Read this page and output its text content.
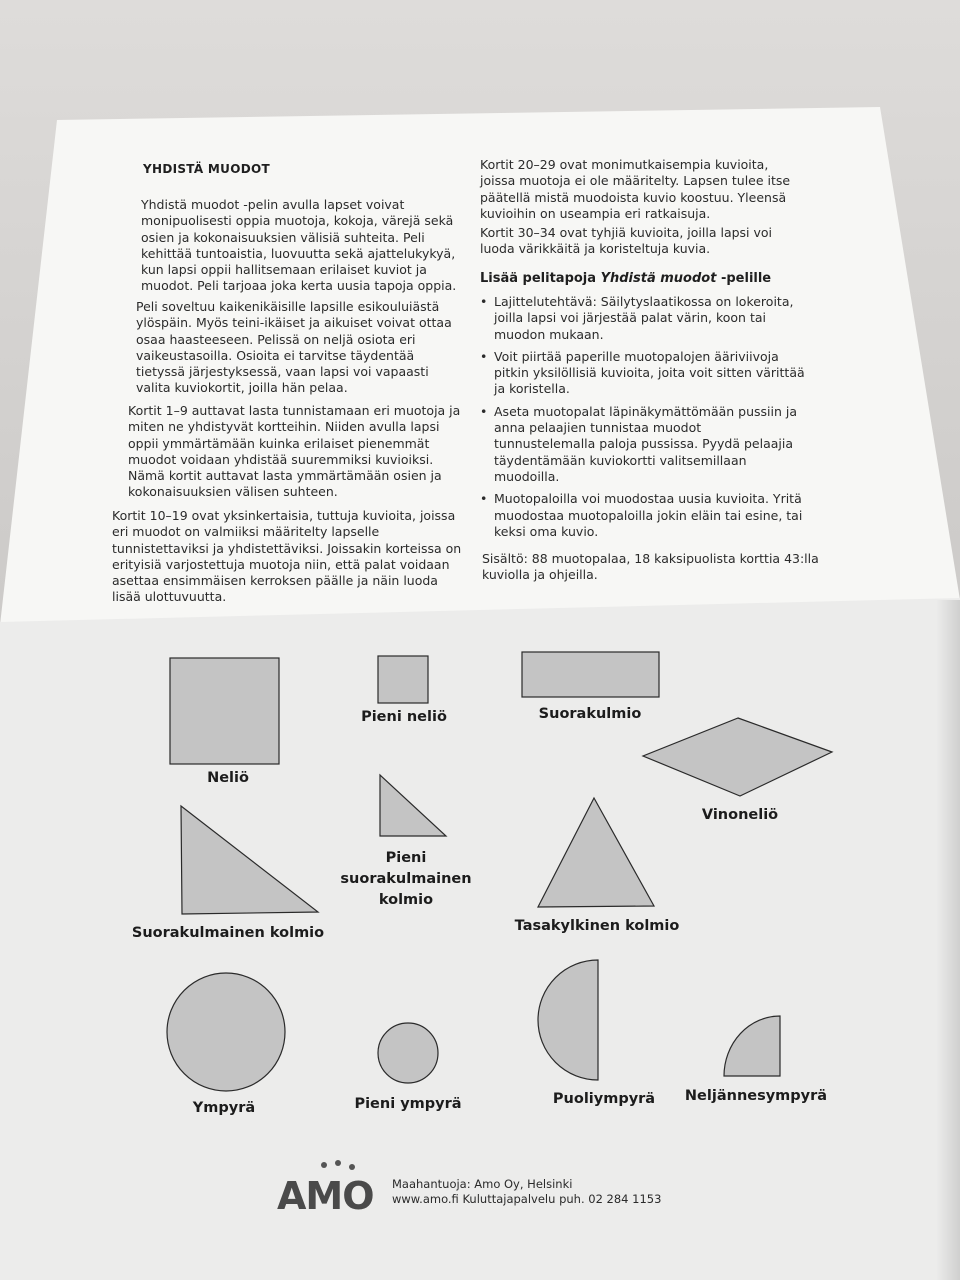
YHDISTÄ MUODOT

Yhdistä muodot -pelin avulla lapset voivat monipuolisesti oppia muotoja, kokoja, värejä sekä osien ja kokonaisuuksien välisiä suhteita. Peli kehittää tuntoaistia, luovuutta sekä ajattelukykyä, kun lapsi oppii hallitsemaan erilaiset kuviot ja muodot. Peli tarjoaa joka kerta uusia tapoja oppia.

Peli soveltuu kaikenikäisille lapsille esikouluiästä ylöspäin. Myös teini-ikäiset ja aikuiset voivat ottaa osaa haasteeseen. Pelissä on neljä osiota eri vaikeustasoilla. Osioita ei tarvitse täydentää tietyssä järjestyksessä, vaan lapsi voi vapaasti valita kuviokortit, joilla hän pelaa.

Kortit 1–9 auttavat lasta tunnistamaan eri muotoja ja miten ne yhdistyvät kortteihin. Niiden avulla lapsi oppii ymmärtämään kuinka erilaiset pienemmät muodot voidaan yhdistää suuremmiksi kuvioiksi. Nämä kortit auttavat lasta ymmärtämään osien ja kokonaisuuksien välisen suhteen.

Kortit 10–19 ovat yksinkertaisia, tuttuja kuvioita, joissa eri muodot on valmiiksi määritelty lapselle tunnistettaviksi ja yhdistettäviksi. Joissakin korteissa on erityisiä varjostettuja muotoja niin, että palat voidaan asettaa ensimmäisen kerroksen päälle ja näin luoda lisää ulottuvuutta.

Kortit 20–29 ovat monimutkaisempia kuvioita, joissa muotoja ei ole määritelty. Lapsen tulee itse päätellä mistä muodoista kuvio koostuu. Yleensä kuvioihin on useampia eri ratkaisuja.

Kortit 30–34 ovat tyhjiä kuvioita, joilla lapsi voi luoda värikkäitä ja koristeltuja kuvia.

Lisää pelitapoja Yhdistä muodot -pelille

• Lajittelutehtävä: Säilytyslaatikossa on lokeroita, joilla lapsi voi järjestää palat värin, koon tai muodon mukaan.
• Voit piirtää paperille muotopalojen ääriviivoja pitkin yksilöllisiä kuvioita, joita voit sitten värittää ja koristella.
• Aseta muotopalat läpinäkymättömään pussiin ja anna pelaajien tunnistaa muodot tunnustelemalla paloja pussissa. Pyydä pelaajia täydentämään kuviokortti valitsemillaan muodoilla.
• Muotopaloilla voi muodostaa uusia kuvioita. Yritä muodostaa muotopaloilla jokin eläin tai esine, tai keksi oma kuvio.

Sisältö: 88 muotopalaa, 18 kaksipuolista korttia 43:lla kuviolla ja ohjeilla.

Neliö

Pieni neliö	Suorakulmio

Vinoneliö

Pieni suorakulmainen kolmio

Suorakulmainen kolmio	Tasakylkinen kolmio

Ympyrä	Pieni ympyrä	Puoliympyrä	Neljännesympyrä

AMO Maahantuoja: Amo Oy, Helsinki

www.amo.fi Kuluttajapalvelu puh. 02 284 1153
